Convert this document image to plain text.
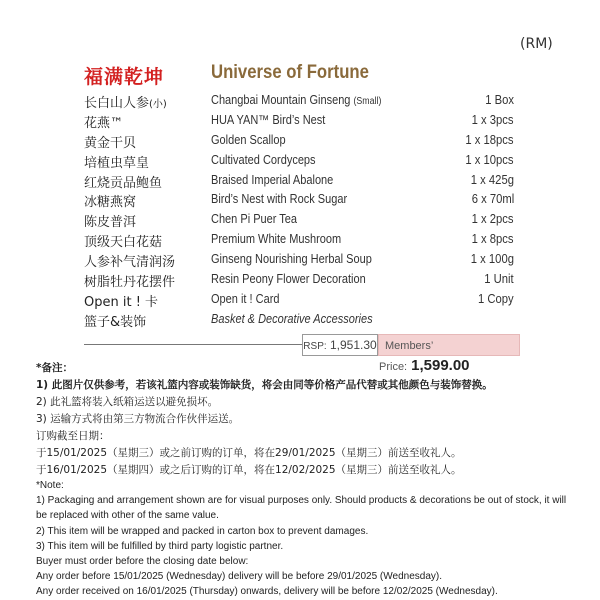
(RM)
福满乾坤 Universe of Fortune
长白山人参(小)	Changbai Mountain Ginseng (Small)	1 Box
花燕™	HUA YAN™ Bird’s Nest	1 x 3pcs
黄金干贝	Golden Scallop	1 x 18pcs
培植虫草皇	Cultivated Cordyceps	1 x 10pcs
红烧贡品鲍鱼	Braised Imperial Abalone	1 x 425g
冰糖燕窝	Bird’s Nest with Rock Sugar	6 x 70ml
陈皮普洱	Chen Pi Puer Tea	1 x 2pcs
顶级天白花菇	Premium White Mushroom	1 x 8pcs
人参补气清润汤	Ginseng Nourishing Herbal Soup	1 x 100g
树脂牡丹花摆件	Resin Peony Flower Decoration	1 Unit
Open it ! 卡	Open it ! Card	1 Copy
篮子&装饰	Basket & Decorative Accessories
RSP: 1,951.30 Members’ Price: 1,599.00
*备注：
1) 此图片仅供参考，若该礼篮内容或装饰缺货，将会由同等价格产品代替或其他颜色与装饰替换。
2) 此礼篮将装入纸箱运送以避免损坏。
3) 运输方式将由第三方物流合作伙伴运送。
订购截至日期：
于15/01/2025（星期三）或之前订购的订单，将在29/01/2025（星期三）前送至收礼人。
于16/01/2025（星期四）或之后订购的订单，将在12/02/2025（星期三）前送至收礼人。
*Note:
1) Packaging and arrangement shown are for visual purposes only. Should products & decorations be out of stock, it will be replaced with other of the same value.
2) This item will be wrapped and packed in carton box to prevent damages.
3) This item will be fulfilled by third party logistic partner.
Buyer must order before the closing date below:
Any order before 15/01/2025 (Wednesday) delivery will be before 29/01/2025 (Wednesday).
Any order received on 16/01/2025 (Thursday) onwards, delivery will be before 12/02/2025 (Wednesday).
